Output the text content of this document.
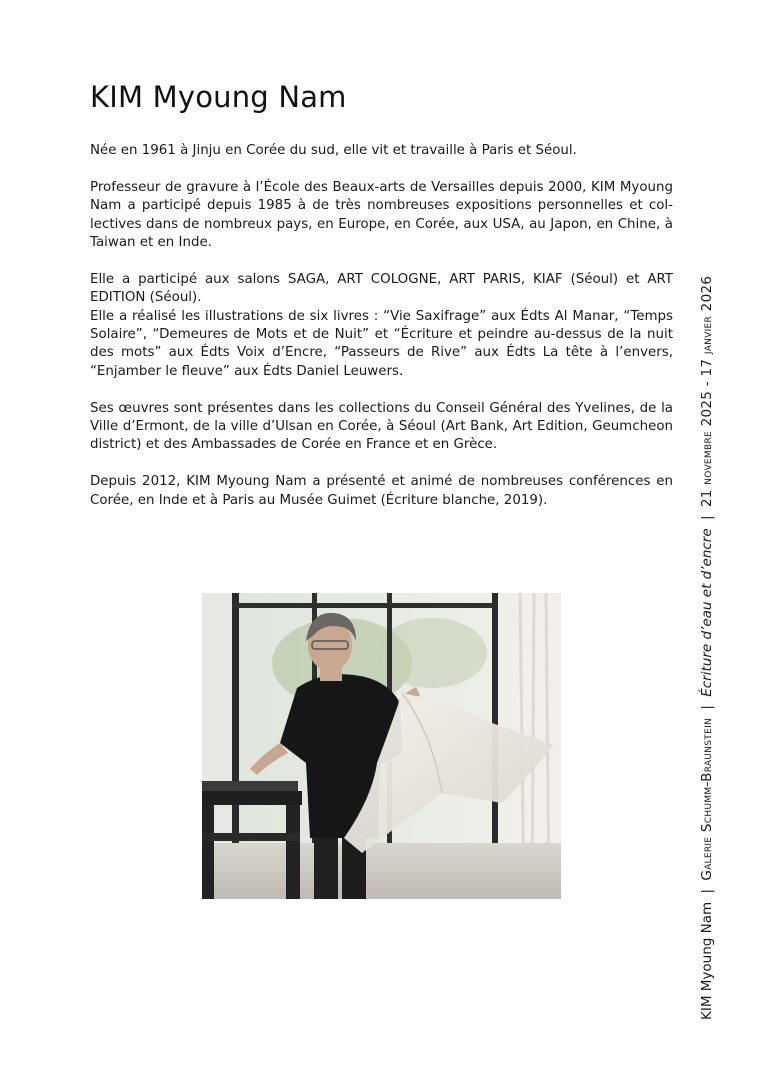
KIM Myoung Nam

Née en 1961 à Jinju en Corée du sud, elle vit et travaille à Paris et Séoul.

Professeur de gravure à l’École des Beaux-arts de Versailles depuis 2000, KIM Myoung Nam a participé depuis 1985 à de très nombreuses expositions personnelles et collectives dans de nombreux pays, en Europe, en Corée, aux USA, au Japon, en Chine, à Taiwan et en Inde.

Elle a participé aux salons SAGA, ART COLOGNE, ART PARIS, KIAF (Séoul) et ART EDITION (Séoul).

Elle a réalisé les illustrations de six livres : “Vie Saxifrage” aux Édts Al Manar, “Temps Solaire”, “Demeures de Mots et de Nuit” et “Écriture et peindre au-dessus de la nuit des mots” aux Édts Voix d’Encre, “Passeurs de Rive” aux Édts La tête à l’envers, “Enjamber le fleuve” aux Édts Daniel Leuwers.

Ses œuvres sont présentes dans les collections du Conseil Général des Yvelines, de la Ville d’Ermont, de la ville d’Ulsan en Corée, à Séoul (Art Bank, Art Edition, Geumcheon district) et des Ambassades de Corée en France et en Grèce.

Depuis 2012, KIM Myoung Nam a présenté et animé de nombreuses conférences en Corée, en Inde et à Paris au Musée Guimet (Écriture blanche, 2019).

KIM Myoung Nam | Galerie Schumm-Braunstein | Écriture d’eau et d’encre | 21 novembre 2025 - 17 janvier 2026
